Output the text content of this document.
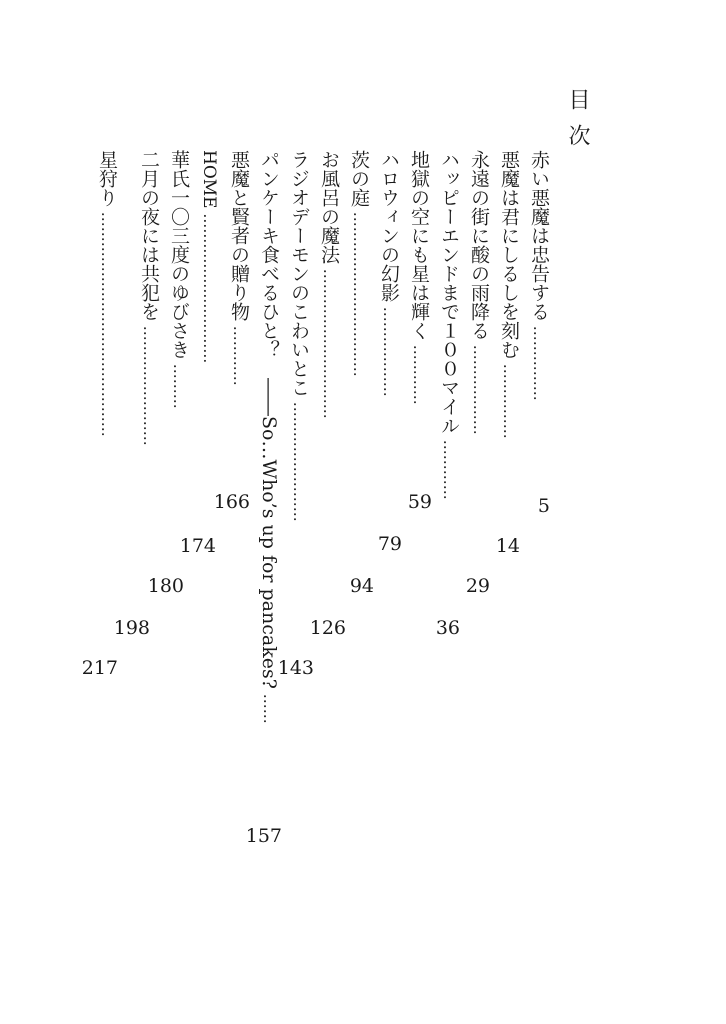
目次
赤い悪魔は忠告する……………
5
悪魔は君にしるしを刻む……………
14
永遠の街に酸の雨降る………………
29
ハッピーエンドまで１００マイル…………
36
地獄の空にも星は輝く…………
59
ハロウィンの幻影………………
79
茨の庭……………………………
94
お風呂の魔法…………………………
126
ラジオデーモンのこわいとこ……………………
143
パンケーキ食べるひと？　――So…Who’s up for pancakes?……
157
悪魔と賢者の贈り物…………
166
HOME…………………………
174
華氏一〇三度のゆびさき………
180
二月の夜には共犯を……………………
198
星狩り………………………………………
217
